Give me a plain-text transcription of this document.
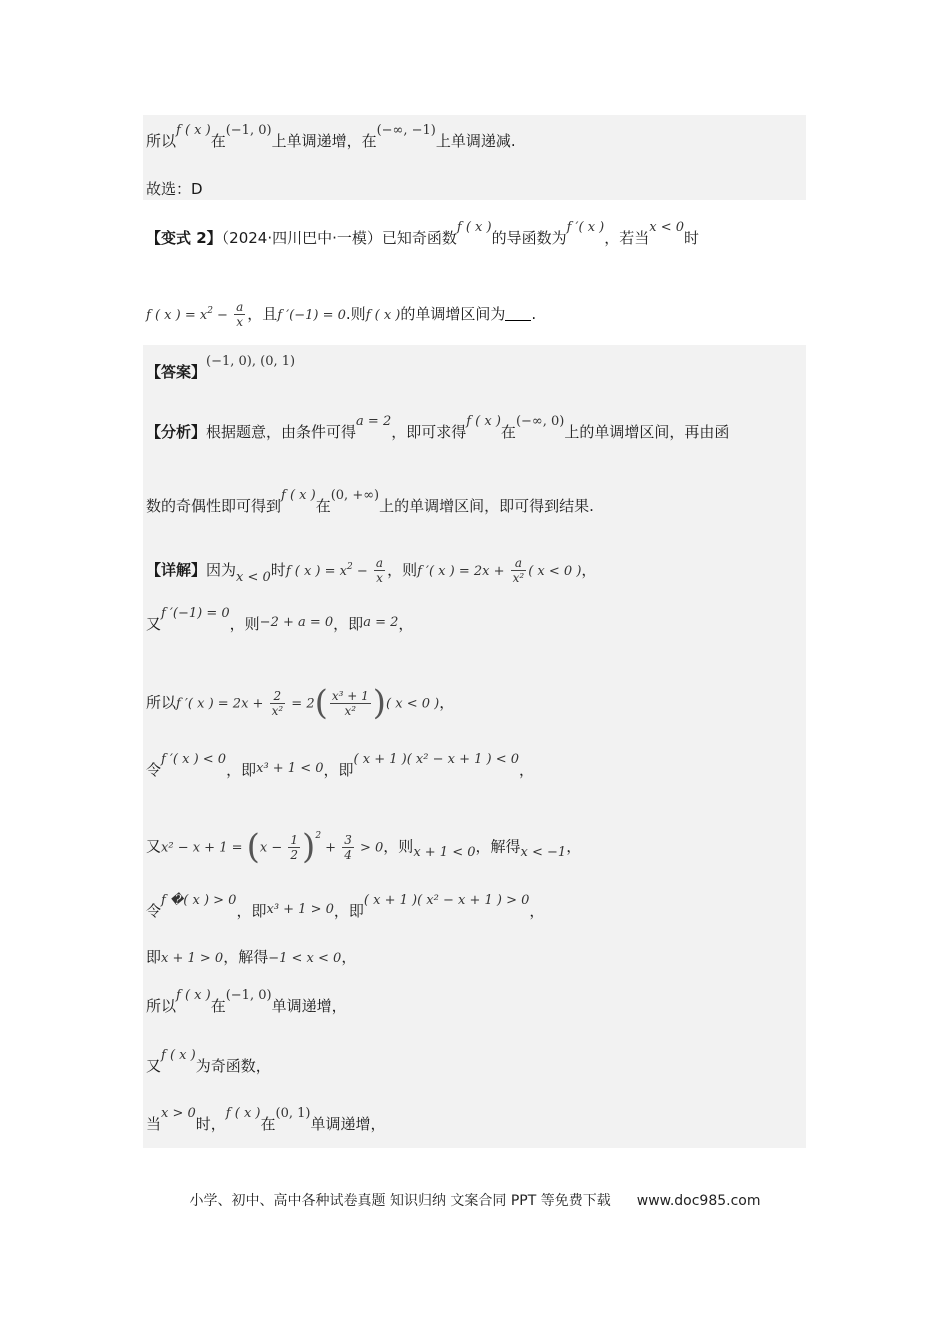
所以f ( x )在(−1, 0)上单调递增，在(−∞, −1)上单调递减.
故选：D
【变式 2】（2024·四川巴中·一模）已知奇函数f ( x )的导函数为f ′( x )，若当x < 0时
f ( x ) = $x^2 - \frac{a}{x}$ ，且f ′(−1) = 0.则f ( x )的单调增区间为 .
【答案】(−1, 0), (0, 1)
【分析】根据题意，由条件可得a = 2，即可求得f ( x )在(−∞, 0)上的单调增区间，再由函
数的奇偶性即可得到f ( x )在(0, +∞)上的单调增区间，即可得到结果.
【详解】因为x < 0时f ( x ) = $x^2 - \frac{a}{x}$ ，则f ′( x ) = $2x + \frac{a}{\text{x²}}$ ( x < 0 )，
又f ′(−1) = 0，则−2 + a = 0，即a = 2，
所以f ′( x ) = $2x + \frac{2}{\text{x²}} = 2( \frac{\text{x³ + 1}}{\text{x²}}$ )( x < 0 )，
令f ′( x ) < 0，即x³ + 1 < 0，即( x + 1 )( x² − x + 1 ) < 0，
又$x^2 - x + 1 = (x - \frac{1}{2} )^2 + \frac{3}{4} > 0$，则x + 1 < 0，解得x < −1，
令f �( x ) > 0，即x³ + 1 > 0，即( x + 1 )( x² − x + 1 ) > 0，
即x + 1 > 0，解得−1 < x < 0，
所以f ( x )在(−1, 0)单调递增，
又f ( x )为奇函数，
当x > 0时，f ( x )在(0, 1)单调递增，
小学、初中、高中各种试卷真题 知识归纳 文案合同 PPT 等免费下载 www.doc985.com
